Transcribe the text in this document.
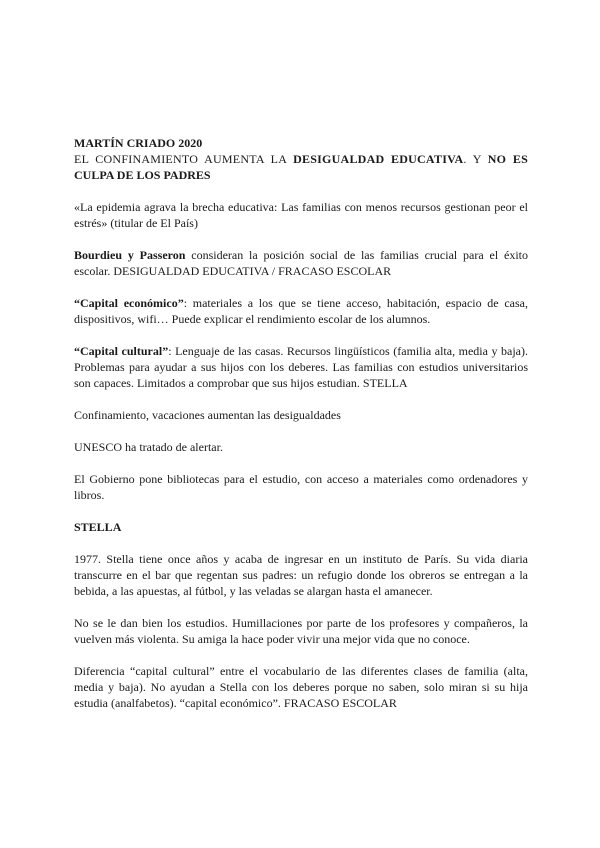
MARTÍN CRIADO 2020
EL CONFINAMIENTO AUMENTA LA DESIGUALDAD EDUCATIVA. Y NO ES
CULPA DE LOS PADRES

«La epidemia agrava la brecha educativa: Las familias con menos recursos gestionan peor el estrés» (titular de El País)

Bourdieu y Passeron consideran la posición social de las familias crucial para el éxito escolar. DESIGUALDAD EDUCATIVA / FRACASO ESCOLAR

“Capital económico”: materiales a los que se tiene acceso, habitación, espacio de casa, dispositivos, wifi… Puede explicar el rendimiento escolar de los alumnos.

“Capital cultural”: Lenguaje de las casas. Recursos lingüísticos (familia alta, media y baja). Problemas para ayudar a sus hijos con los deberes. Las familias con estudios universitarios son capaces. Limitados a comprobar que sus hijos estudian. STELLA

Confinamiento, vacaciones aumentan las desigualdades

UNESCO ha tratado de alertar.

El Gobierno pone bibliotecas para el estudio, con acceso a materiales como ordenadores y libros.

STELLA

1977. Stella tiene once años y acaba de ingresar en un instituto de París. Su vida diaria transcurre en el bar que regentan sus padres: un refugio donde los obreros se entregan a la bebida, a las apuestas, al fútbol, y las veladas se alargan hasta el amanecer.

No se le dan bien los estudios. Humillaciones por parte de los profesores y compañeros, la vuelven más violenta. Su amiga la hace poder vivir una mejor vida que no conoce.

Diferencia “capital cultural” entre el vocabulario de las diferentes clases de familia (alta, media y baja). No ayudan a Stella con los deberes porque no saben, solo miran si su hija estudia (analfabetos). “capital económico”. FRACASO ESCOLAR
